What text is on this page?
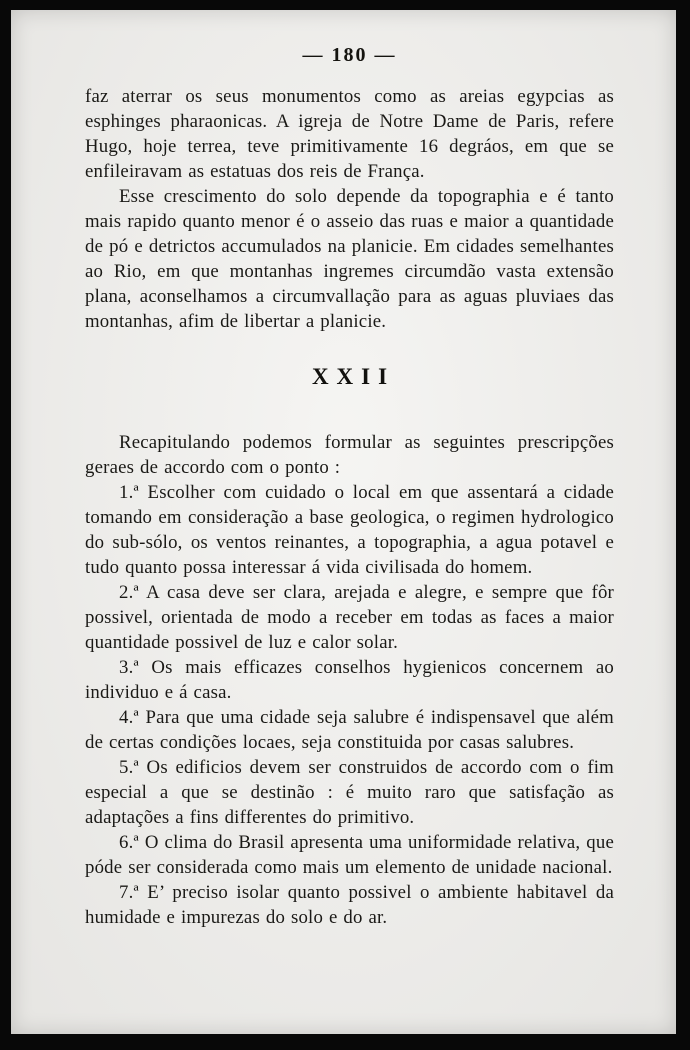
— 180 —

faz aterrar os seus monumentos como as areias egypcias as esphinges pharaonicas. A igreja de Notre Dame de Paris, refere Hugo, hoje terrea, teve primitivamente 16 degráos, em que se enfileiravam as estatuas dos reis de França.

Esse crescimento do solo depende da topographia e é tanto mais rapido quanto menor é o asseio das ruas e maior a quantidade de pó e detrictos accumulados na planicie. Em cidades semelhantes ao Rio, em que montanhas ingremes circumdão vasta extensão plana, aconselhamos a circumvallação para as aguas pluviaes das montanhas, afim de libertar a planicie.

XXII

Recapitulando podemos formular as seguintes prescripções geraes de accordo com o ponto :

1.ª Escolher com cuidado o local em que assentará a cidade tomando em consideração a base geologica, o regimen hydrologico do sub-sólo, os ventos reinantes, a topographia, a agua potavel e tudo quanto possa interessar á vida civilisada do homem.

2.ª A casa deve ser clara, arejada e alegre, e sempre que fôr possivel, orientada de modo a receber em todas as faces a maior quantidade possivel de luz e calor solar.

3.ª Os mais efficazes conselhos hygienicos concernem ao individuo e á casa.

4.ª Para que uma cidade seja salubre é indispensavel que além de certas condições locaes, seja constituida por casas salubres.

5.ª Os edificios devem ser construidos de accordo com o fim especial a que se destinão : é muito raro que satisfação as adaptações a fins differentes do primitivo.

6.ª O clima do Brasil apresenta uma uniformidade relativa, que póde ser considerada como mais um elemento de unidade nacional.

7.ª E’ preciso isolar quanto possivel o ambiente habitavel da humidade e impurezas do solo e do ar.
